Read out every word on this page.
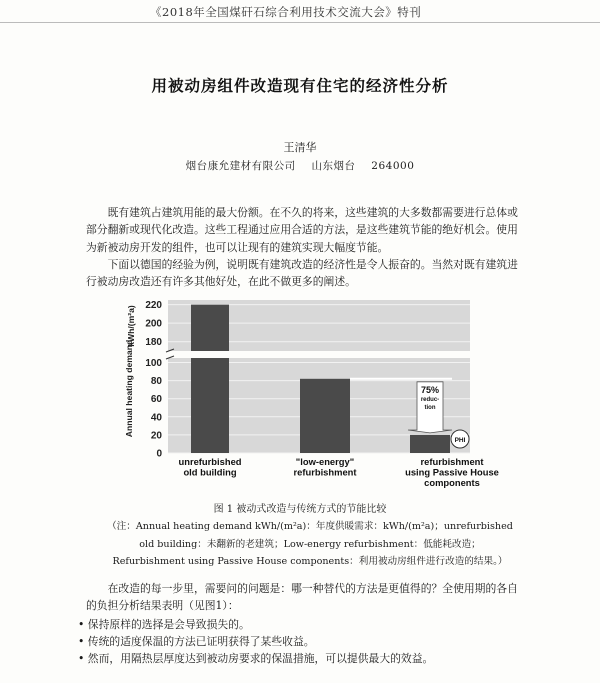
《2018年全国煤矸石综合利用技术交流大会》特刊
用被动房组件改造现有住宅的经济性分析
王清华
烟台康允建材有限公司 山东烟台 264000

既有建筑占建筑用能的最大份额。在不久的将来，这些建筑的大多数都需要进行总体或

部分翻新或现代化改造。这些工程通过应用合适的方法，是这些建筑节能的绝好机会。使用

为新被动房开发的组件，也可以让现有的建筑实现大幅度节能。

下面以德国的经验为例，说明既有建筑改造的经济性是令人振奋的。当然对既有建筑进

行被动房改造还有许多其他好处，在此不做更多的阐述。

220
200
180
100
80
60
40
20
0
Annual heating demand
kWh/(m²a)
unrefurbished
old building
"low-energy"
refurbishment
refurbishment
using Passive House
components
75%
reduc-
tion
PHI
图 1 被动式改造与传统方式的节能比较
（注：Annual heating demand kWh/(m²a)：年度供暖需求：kWh/(m²a)；unrefurbished
old building：未翻新的老建筑；Low-energy refurbishment：低能耗改造；
Refurbishment using Passive House components：利用被动房组件进行改造的结果。）

在改造的每一步里，需要问的问题是：哪一种替代的方法是更值得的？全使用期的各自

的负担分析结果表明（见图1）：

• 保持原样的选择是会导致损失的。
• 传统的适度保温的方法已证明获得了某些收益。
• 然而，用隔热层厚度达到被动房要求的保温措施，可以提供最大的效益。
